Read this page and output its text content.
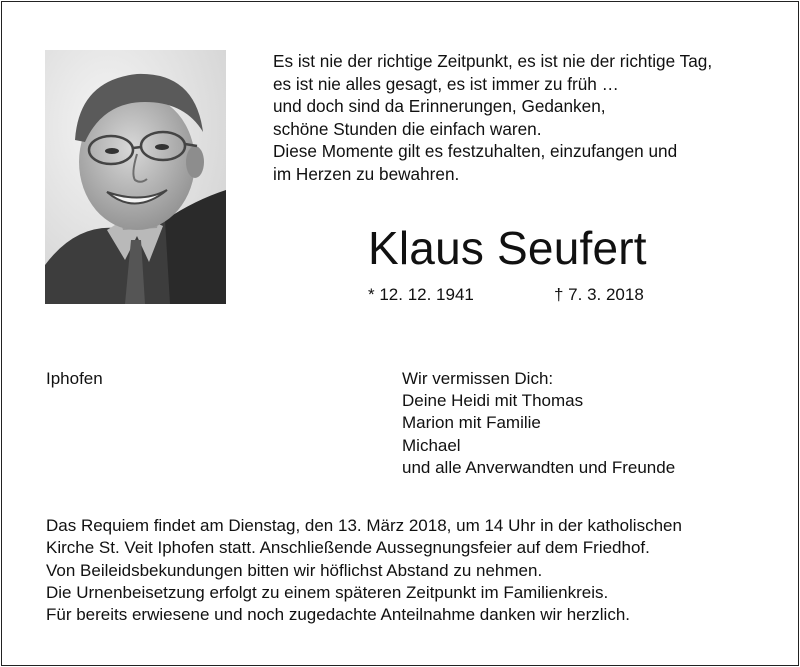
Es ist nie der richtige Zeitpunkt, es ist nie der richtige Tag,
es ist nie alles gesagt, es ist immer zu früh …
und doch sind da Erinnerungen, Gedanken,
schöne Stunden die einfach waren.
Diese Momente gilt es festzuhalten, einzufangen und
im Herzen zu bewahren.
Klaus Seufert
* 12. 12. 1941	† 7. 3. 2018
Iphofen	Wir vermissen Dich:
Deine Heidi mit Thomas
Marion mit Familie
Michael
und alle Anverwandten und Freunde
Das Requiem findet am Dienstag, den 13. März 2018, um 14 Uhr in der katholischen
Kirche St. Veit Iphofen statt. Anschließende Aussegnungsfeier auf dem Friedhof.
Von Beileidsbekundungen bitten wir höflichst Abstand zu nehmen.
Die Urnenbeisetzung erfolgt zu einem späteren Zeitpunkt im Familienkreis.
Für bereits erwiesene und noch zugedachte Anteilnahme danken wir herzlich.
